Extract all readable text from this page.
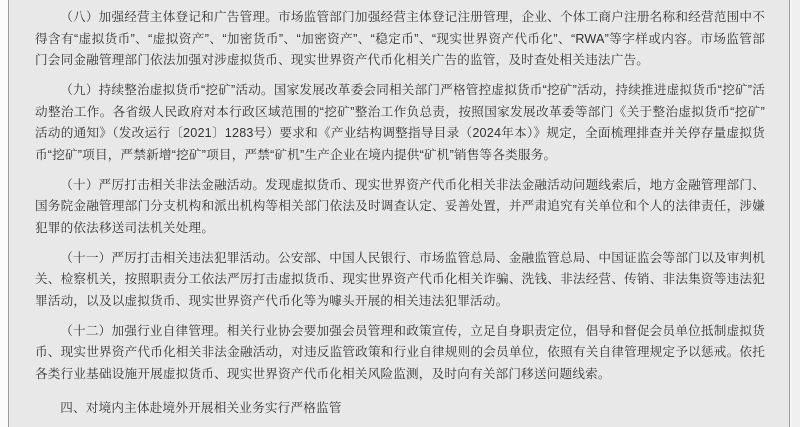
（八）加强经营主体登记和广告管理。市场监管部门加强经营主体登记注册管理，企业、个体工商户注册名称和经营范围中不得含有“虚拟货币”、“虚拟资产”、“加密货币”、“加密资产”、“稳定币”、“现实世界资产代币化”、“RWA”等字样或内容。市场监管部门会同金融管理部门依法加强对涉虚拟货币、现实世界资产代币化相关广告的监管，及时查处相关违法广告。

（九）持续整治虚拟货币“挖矿”活动。国家发展改革委会同相关部门严格管控虚拟货币“挖矿”活动，持续推进虚拟货币“挖矿”活动整治工作。各省级人民政府对本行政区域范围的“挖矿”整治工作负总责，按照国家发展改革委等部门《关于整治虚拟货币“挖矿”活动的通知》（发改运行〔2021〕1283号）要求和《产业结构调整指导目录（2024年本）》规定，全面梳理排查并关停存量虚拟货币“挖矿”项目，严禁新增“挖矿”项目，严禁“矿机”生产企业在境内提供“矿机”销售等各类服务。

（十）严厉打击相关非法金融活动。发现虚拟货币、现实世界资产代币化相关非法金融活动问题线索后，地方金融管理部门、国务院金融管理部门分支机构和派出机构等相关部门依法及时调查认定、妥善处置，并严肃追究有关单位和个人的法律责任，涉嫌犯罪的依法移送司法机关处理。

（十一）严厉打击相关违法犯罪活动。公安部、中国人民银行、市场监管总局、金融监管总局、中国证监会等部门以及审判机关、检察机关，按照职责分工依法严厉打击虚拟货币、现实世界资产代币化相关诈骗、洗钱、非法经营、传销、非法集资等违法犯罪活动，以及以虚拟货币、现实世界资产代币化等为噱头开展的相关违法犯罪活动。

（十二）加强行业自律管理。相关行业协会要加强会员管理和政策宣传，立足自身职责定位，倡导和督促会员单位抵制虚拟货币、现实世界资产代币化相关非法金融活动，对违反监管政策和行业自律规则的会员单位，依照有关自律管理规定予以惩戒。依托各类行业基础设施开展虚拟货币、现实世界资产代币化相关风险监测，及时向有关部门移送问题线索。

四、对境内主体赴境外开展相关业务实行严格监管
